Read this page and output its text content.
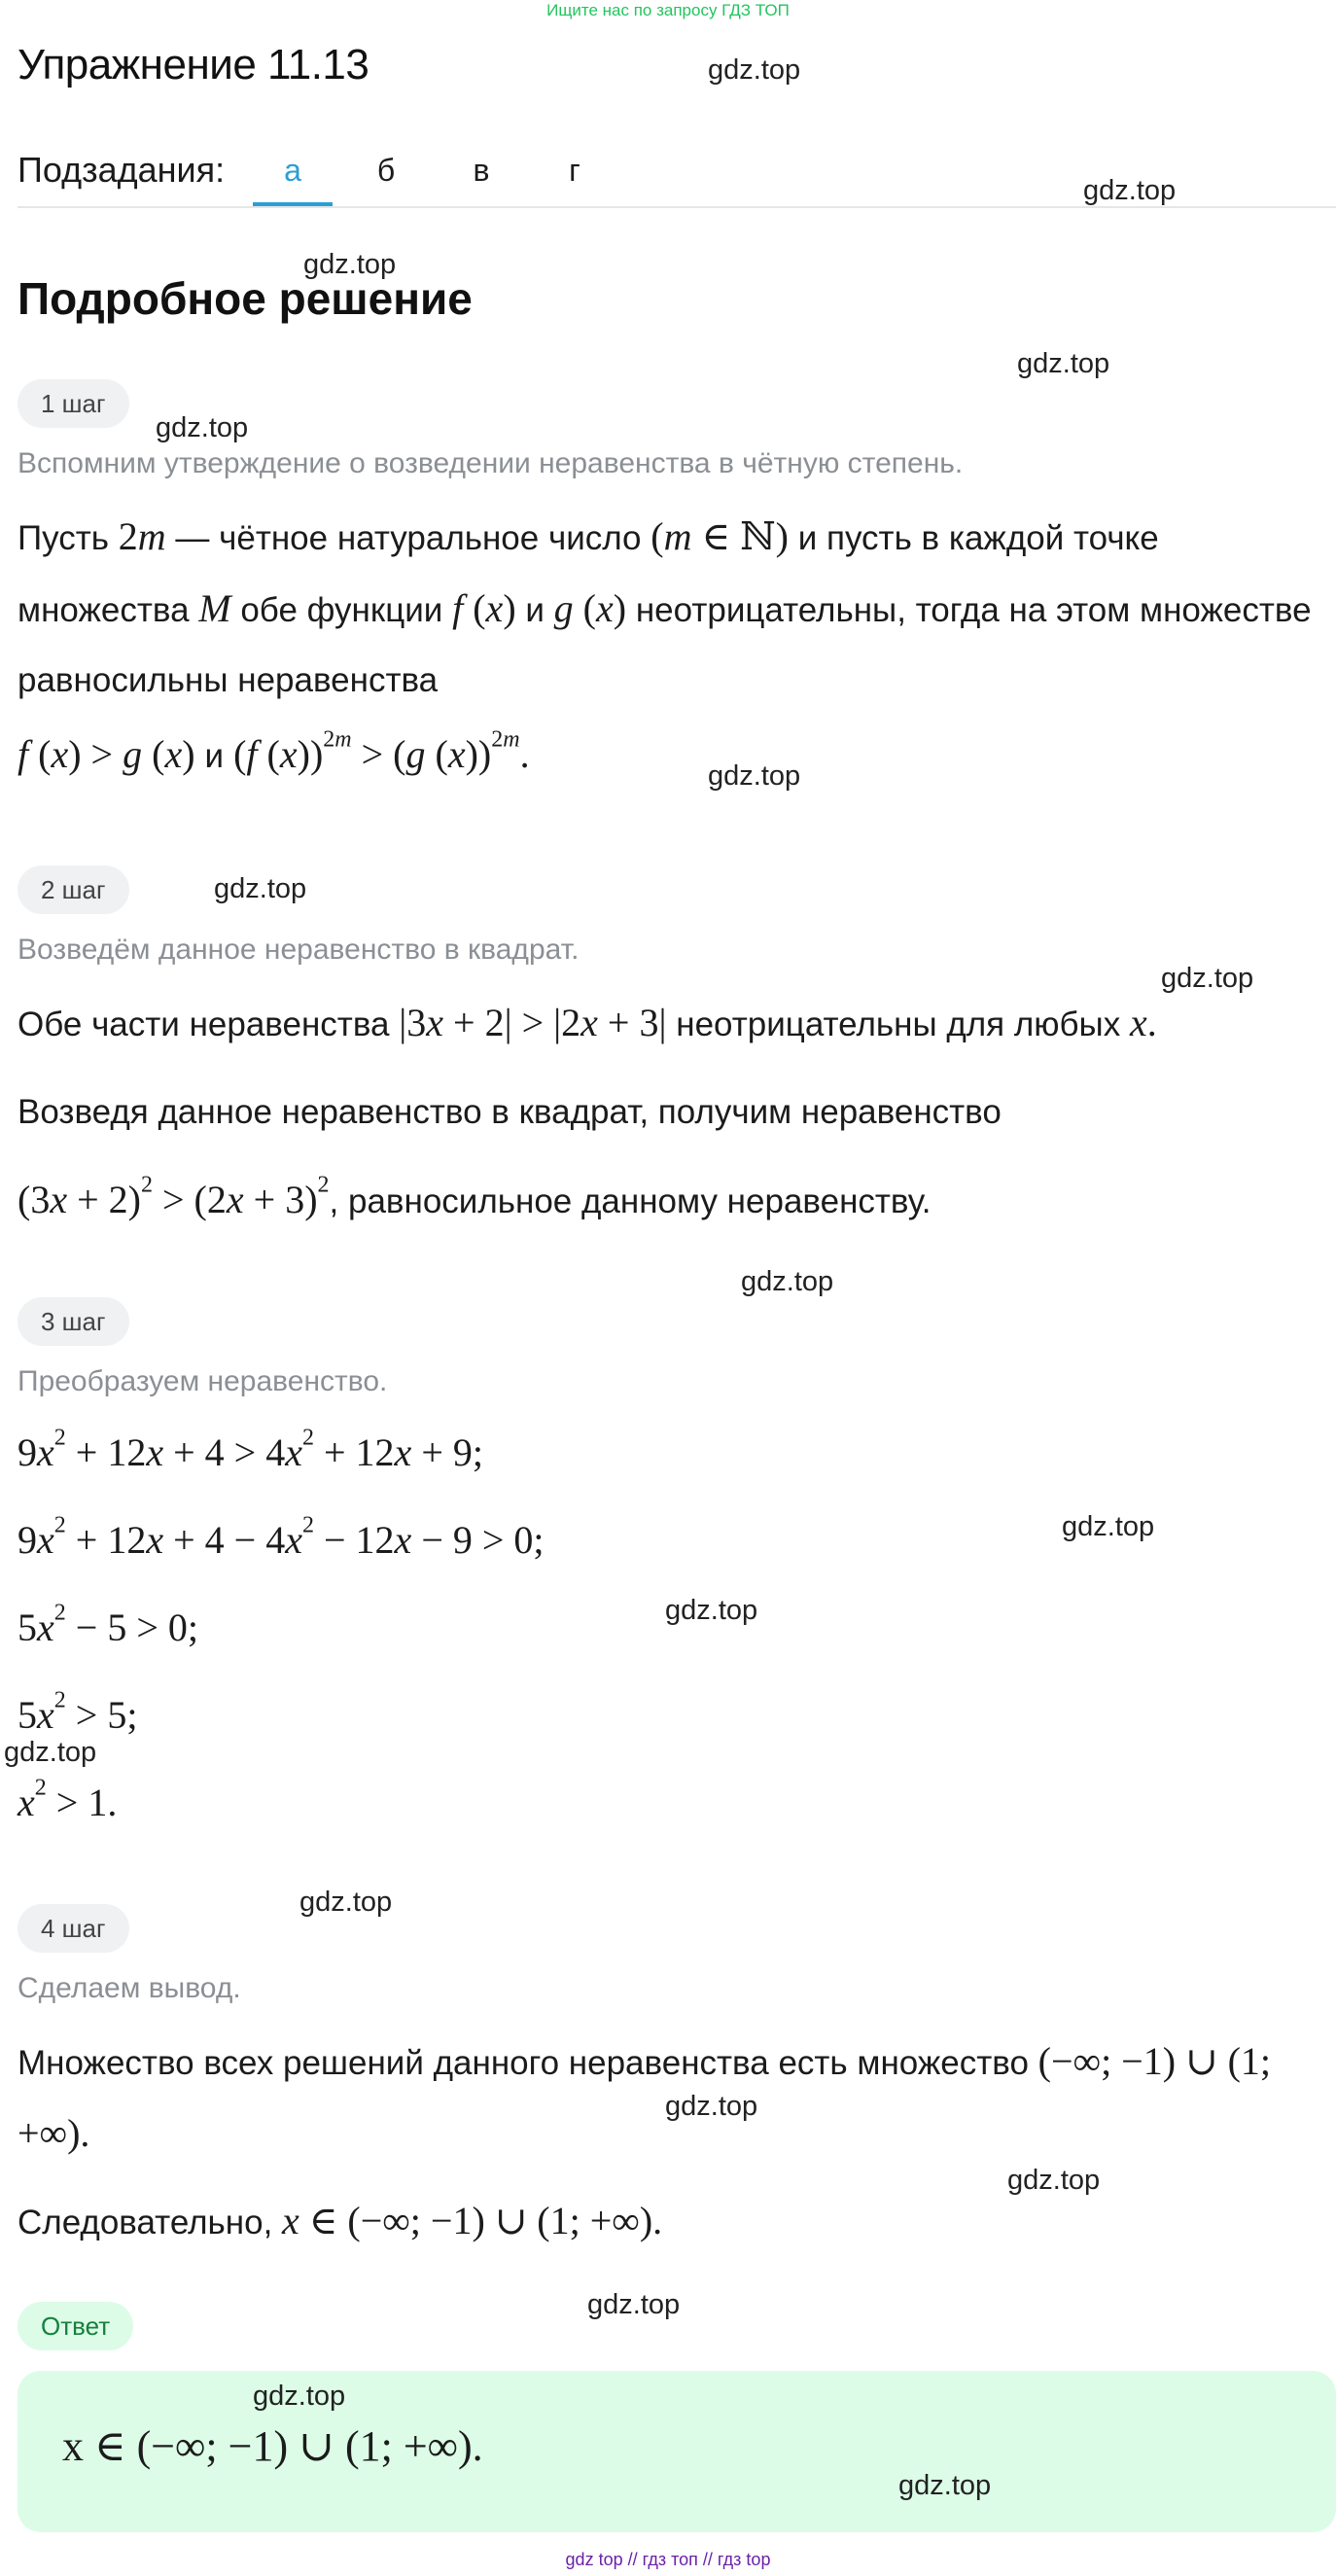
Ищите нас по запросу ГДЗ ТОП
Упражнение 11.13
Подзадания:	а	б	в	г
Подробное решение
1 шаг
Вспомним утверждение о возведении неравенства в чётную степень.
Пусть 2m — чётное натуральное число (m ∈ ℕ) и пусть в каждой точке множества M обе функции f (x) и g (x) неотрицательны, тогда на этом множестве равносильны неравенства
f (x) > g (x) и (f (x))$^{2m}$ > (g (x))$^{2m}$.
2 шаг
Возведём данное неравенство в квадрат.
Обе части неравенства |3x + 2| > |2x + 3| неотрицательны для любых x.
Возведя данное неравенство в квадрат, получим неравенство
$(3x + 2)^2 > (2x + 3)^2$, равносильное данному неравенству.
3 шаг
Преобразуем неравенство.
$9x^2 + 12x + 4 > 4x^2 + 12x + 9$;
$9x^2 + 12x + 4 - 4x^2 - 12x - 9 > 0$;
$5x^2 - 5 > 0$;
$5x^2 > 5$;
$x^2 > 1$.
4 шаг
Сделаем вывод.
Множество всех решений данного неравенства есть множество (−∞; −1) ∪ (1; +∞).
Следовательно, x ∈ (−∞; −1) ∪ (1; +∞).
Ответ
x ∈ (−∞; −1) ∪ (1; +∞).
gdz.top
gdz.top
gdz.top
gdz.top
gdz.top
gdz.top
gdz.top
gdz.top
gdz.top
gdz.top
gdz.top
gdz.top
gdz.top
gdz.top
gdz.top
gdz.top
gdz.top
gdz.top
gdz top // гдз топ // гдз top
